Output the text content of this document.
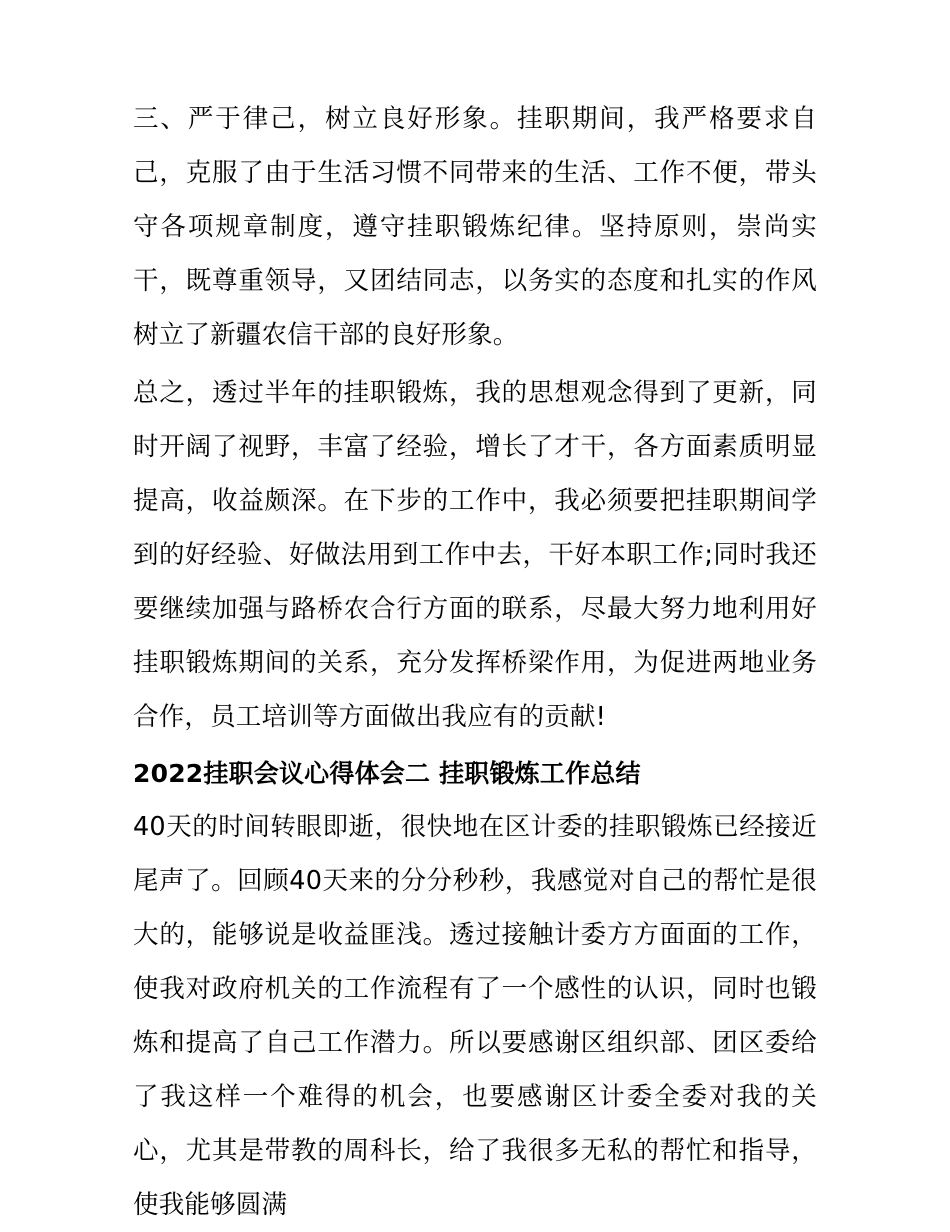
三、严于律己，树立良好形象。挂职期间，我严格要求自己，克服了由于生活习惯不同带来的生活、工作不便，带头守各项规章制度，遵守挂职锻炼纪律。坚持原则，崇尚实干，既尊重领导，又团结同志，以务实的态度和扎实的作风树立了新疆农信干部的良好形象。

总之，透过半年的挂职锻炼，我的思想观念得到了更新，同时开阔了视野，丰富了经验，增长了才干，各方面素质明显提高，收益颇深。在下步的工作中，我必须要把挂职期间学到的好经验、好做法用到工作中去，干好本职工作;同时我还要继续加强与路桥农合行方面的联系，尽最大努力地利用好挂职锻炼期间的关系，充分发挥桥梁作用，为促进两地业务合作，员工培训等方面做出我应有的贡献!

2022挂职会议心得体会二 挂职锻炼工作总结

40天的时间转眼即逝，很快地在区计委的挂职锻炼已经接近尾声了。回顾40天来的分分秒秒，我感觉对自己的帮忙是很大的，能够说是收益匪浅。透过接触计委方方面面的工作，使我对政府机关的工作流程有了一个感性的认识，同时也锻炼和提高了自己工作潜力。所以要感谢区组织部、团区委给了我这样一个难得的机会，也要感谢区计委全委对我的关心，尤其是带教的周科长，给了我很多无私的帮忙和指导，使我能够圆满
